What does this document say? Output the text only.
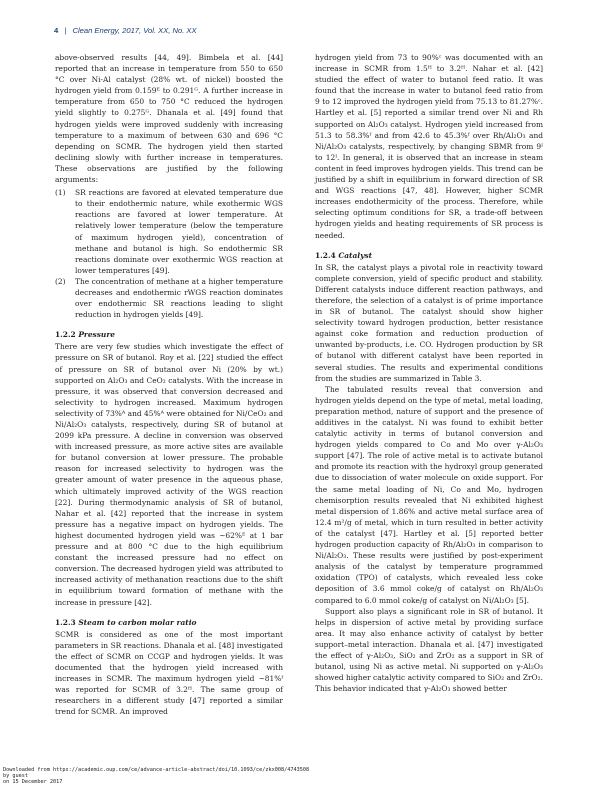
4 | Clean Energy, 2017, Vol. XX, No. XX

above-observed results [44, 49]. Bimbela et al. [44] reported that an increase in temperature from 550 to 650 °C over Ni-Al catalyst (28% wt. of nickel) boosted the hydrogen yield from 0.159ᴱ to 0.291ᴳ. A further increase in temperature from 650 to 750 °C reduced the hydrogen yield slightly to 0.275ᴳ. Dhanala et al. [49] found that hydrogen yields were improved suddenly with increasing temperature to a maximum of between 630 and 696 °C depending on SCMR. The hydrogen yield then started declining slowly with further increase in temperatures. These observations are justified by the following arguments:

(1) SR reactions are favored at elevated temperature due to their endothermic nature, while exothermic WGS reactions are favored at lower temperature. At relatively lower temperature (below the temperature of maximum hydrogen yield), concentration of methane and butanol is high. So endothermic SR reactions dominate over exothermic WGS reaction at lower temperatures [49].
(2) The concentration of methane at a higher temperature decreases and endothermic rWGS reaction dominates over endothermic SR reactions leading to slight reduction in hydrogen yields [49].
1.2.2 Pressure

There are very few studies which investigate the effect of pressure on SR of butanol. Roy et al. [22] studied the effect of pressure on SR of butanol over Ni (20% by wt.) supported on Al₂O₃ and CeO₂ catalysts. With the increase in pressure, it was observed that conversion decreased and selectivity to hydrogen increased. Maximum hydrogen selectivity of 73%ᴬ and 45%ᴬ were obtained for Ni/CeO₂ and Ni/Al₂O₃ catalysts, respectively, during SR of butanol at 2099 kPa pressure. A decline in conversion was observed with increased pressure, as more active sites are available for butanol conversion at lower pressure. The probable reason for increased selectivity to hydrogen was the greater amount of water presence in the aqueous phase, which ultimately improved activity of the WGS reaction [22]. During thermodynamic analysis of SR of butanol, Nahar et al. [42] reported that the increase in system pressure has a negative impact on hydrogen yields. The highest documented hydrogen yield was ~62%ᴱ at 1 bar pressure and at 800 °C due to the high equilibrium constant the increased pressure had no effect on conversion. The decreased hydrogen yield was attributed to increased activity of methanation reactions due to the shift in equilibrium toward formation of methane with the increase in pressure [42].

1.2.3 Steam to carbon molar ratio

SCMR is considered as one of the most important parameters in SR reactions. Dhanala et al. [48] investigated the effect of SCMR on CCGP and hydrogen yields. It was documented that the hydrogen yield increased with increases in SCMR. The maximum hydrogen yield ~81%ᶠ was reported for SCMR of 3.2ᴴ. The same group of researchers in a different study [47] reported a similar trend for SCMR. An improved

hydrogen yield from 73 to 90%ᶜ was documented with an increase in SCMR from 1.5ᴴ to 3.2ᴴ. Nahar et al. [42] studied the effect of water to butanol feed ratio. It was found that the increase in water to butanol feed ratio from 9 to 12 improved the hydrogen yield from 75.13 to 81.27%ᶜ. Hartley et al. [5] reported a similar trend over Ni and Rh supported on Al₂O₃ catalyst. Hydrogen yield increased from 51.3 to 58.3%ᶠ and from 42.6 to 45.3%ᶠ over Rh/Al₂O₃ and Ni/Al₂O₃ catalysts, respectively, by changing SBMR from 9ᴵ to 12ᴵ. In general, it is observed that an increase in steam content in feed improves hydrogen yields. This trend can be justified by a shift in equilibrium in forward direction of SR and WGS reactions [47, 48]. However, higher SCMR increases endothermicity of the process. Therefore, while selecting optimum conditions for SR, a trade-off between hydrogen yields and heating requirements of SR process is needed.

1.2.4 Catalyst

In SR, the catalyst plays a pivotal role in reactivity toward complete conversion, yield of specific product and stability. Different catalysts induce different reaction pathways, and therefore, the selection of a catalyst is of prime importance in SR of butanol. The catalyst should show higher selectivity toward hydrogen production, better resistance against coke formation and reduction production of unwanted by-products, i.e. CO. Hydrogen production by SR of butanol with different catalyst have been reported in several studies. The results and experimental conditions from the studies are summarized in Table 3.

The tabulated results reveal that conversion and hydrogen yields depend on the type of metal, metal loading, preparation method, nature of support and the presence of additives in the catalyst. Ni was found to exhibit better catalytic activity in terms of butanol conversion and hydrogen yields compared to Co and Mo over γ-Al₂O₃ support [47]. The role of active metal is to activate butanol and promote its reaction with the hydroxyl group generated due to dissociation of water molecule on oxide support. For the same metal loading of Ni, Co and Mo, hydrogen chemisorption results revealed that Ni exhibited highest metal dispersion of 1.86% and active metal surface area of 12.4 m²/g of metal, which in turn resulted in better activity of the catalyst [47]. Hartley et al. [5] reported better hydrogen production capacity of Rh/Al₂O₃ in comparison to Ni/Al₂O₃. These results were justified by post-experiment analysis of the catalyst by temperature programmed oxidation (TPO) of catalysts, which revealed less coke deposition of 3.6 mmol coke/g of catalyst on Rh/Al₂O₃ compared to 6.0 mmol coke/g of catalyst on Ni/Al₂O₃ [5].

Support also plays a significant role in SR of butanol. It helps in dispersion of active metal by providing surface area. It may also enhance activity of catalyst by better support–metal interaction. Dhanala et al. [47] investigated the effect of γ-Al₂O₃, SiO₂ and ZrO₂ as a support in SR of butanol, using Ni as active metal. Ni supported on γ-Al₂O₃ showed higher catalytic activity compared to SiO₂ and ZrO₂. This behavior indicated that γ-Al₂O₃ showed better

Downloaded from https://academic.oup.com/ce/advance-article-abstract/doi/10.1093/ce/zkx008/4743508
by guest
on 15 December 2017
